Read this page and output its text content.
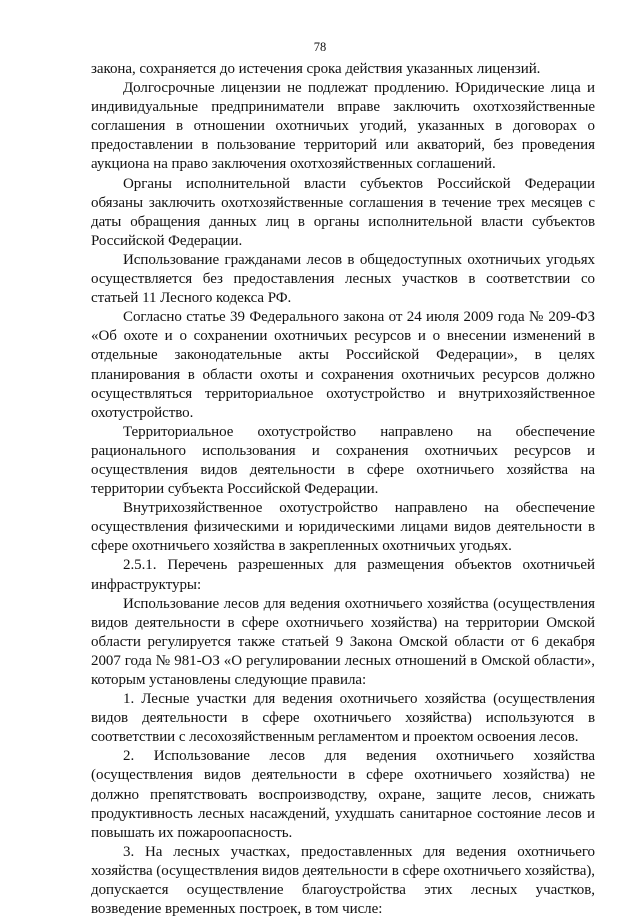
78

закона, сохраняется до истечения срока действия указанных лицензий.

Долгосрочные лицензии не подлежат продлению. Юридические лица и индивидуальные предприниматели вправе заключить охотхозяйственные соглашения в отношении охотничьих угодий, указанных в договорах о предоставлении в пользование территорий или акваторий, без проведения аукциона на право заключения охотхозяйственных соглашений.

Органы исполнительной власти субъектов Российской Федерации обязаны заключить охотхозяйственные соглашения в течение трех месяцев с даты обращения данных лиц в органы исполнительной власти субъектов Российской Федерации.

Использование гражданами лесов в общедоступных охотничьих угодьях осуществляется без предоставления лесных участков в соответствии со статьей 11 Лесного кодекса РФ.

Согласно статье 39 Федерального закона от 24 июля 2009 года № 209-ФЗ «Об охоте и о сохранении охотничьих ресурсов и о внесении изменений в отдельные законодательные акты Российской Федерации», в целях планирования в области охоты и сохранения охотничьих ресурсов должно осуществляться территориальное охотустройство и внутрихозяйственное охотустройство.

Территориальное охотустройство направлено на обеспечение рационального использования и сохранения охотничьих ресурсов и осуществления видов деятельности в сфере охотничьего хозяйства на территории субъекта Российской Федерации.

Внутрихозяйственное охотустройство направлено на обеспечение осуществления физическими и юридическими лицами видов деятельности в сфере охотничьего хозяйства в закрепленных охотничьих угодьях.

2.5.1. Перечень разрешенных для размещения объектов охотничьей инфраструктуры:

Использование лесов для ведения охотничьего хозяйства (осуществления видов деятельности в сфере охотничьего хозяйства) на территории Омской области регулируется также статьей 9 Закона Омской области от 6 декабря 2007 года № 981-ОЗ «О регулировании лесных отношений в Омской области», которым установлены следующие правила:

1. Лесные участки для ведения охотничьего хозяйства (осуществления видов деятельности в сфере охотничьего хозяйства) используются в соответствии с лесохозяйственным регламентом и проектом освоения лесов.

2. Использование лесов для ведения охотничьего хозяйства (осуществления видов деятельности в сфере охотничьего хозяйства) не должно препятствовать воспроизводству, охране, защите лесов, снижать продуктивность лесных насаждений, ухудшать санитарное состояние лесов и повышать их пожароопасность.

3. На лесных участках, предоставленных для ведения охотничьего хозяйства (осуществления видов деятельности в сфере охотничьего хозяйства), допускается осуществление благоустройства этих лесных участков, возведение временных построек, в том числе:
